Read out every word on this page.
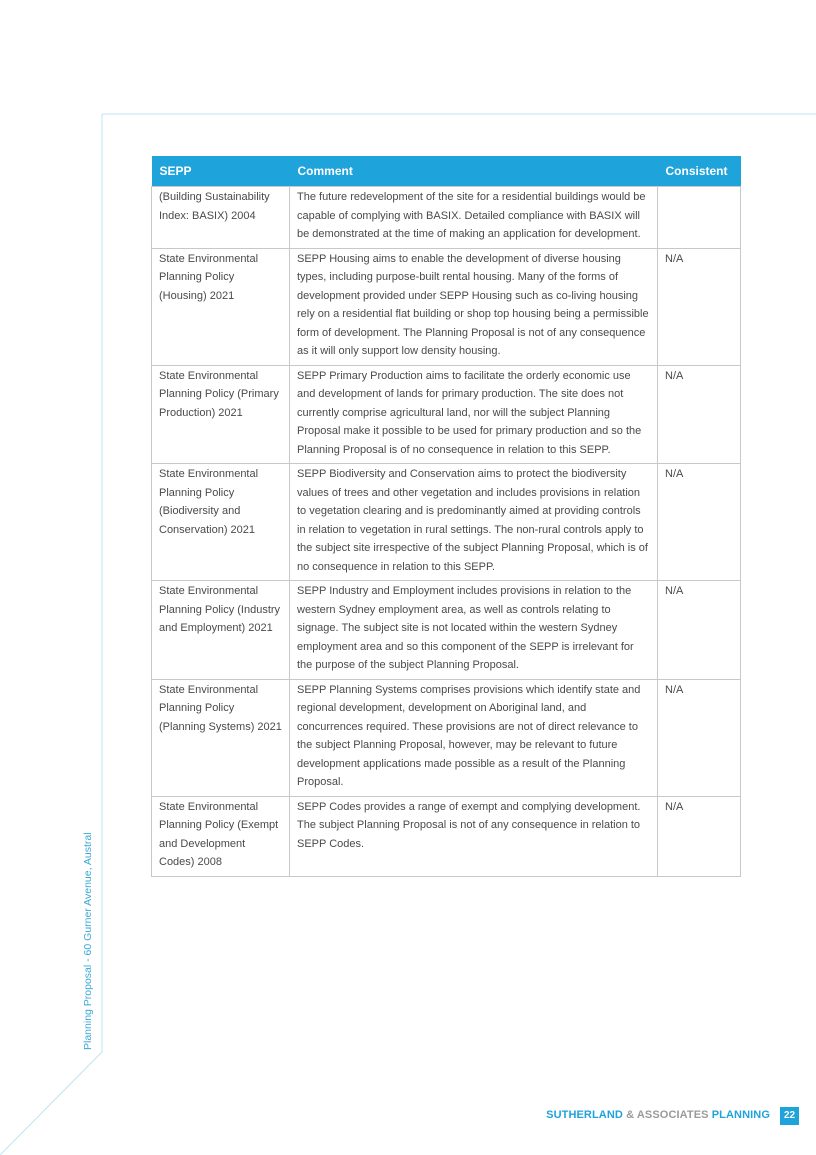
Planning Proposal - 60 Gurner Avenue, Austral
SEPP	Comment	Consistent
(Building Sustainability Index: BASIX) 2004	The future redevelopment of the site for a residential buildings would be capable of complying with BASIX. Detailed compliance with BASIX will be demonstrated at the time of making an application for development.	
State Environmental Planning Policy (Housing) 2021	SEPP Housing aims to enable the development of diverse housing types, including purpose-built rental housing. Many of the forms of development provided under SEPP Housing such as co-living housing rely on a residential flat building or shop top housing being a permissible form of development. The Planning Proposal is not of any consequence as it will only support low density housing.	N/A
State Environmental Planning Policy (Primary Production) 2021	SEPP Primary Production aims to facilitate the orderly economic use and development of lands for primary production. The site does not currently comprise agricultural land, nor will the subject Planning Proposal make it possible to be used for primary production and so the Planning Proposal is of no consequence in relation to this SEPP.	N/A
State Environmental Planning Policy (Biodiversity and Conservation) 2021	SEPP Biodiversity and Conservation aims to protect the biodiversity values of trees and other vegetation and includes provisions in relation to vegetation clearing and is predominantly aimed at providing controls in relation to vegetation in rural settings. The non-rural controls apply to the subject site irrespective of the subject Planning Proposal, which is of no consequence in relation to this SEPP.	N/A
State Environmental Planning Policy (Industry and Employment) 2021	SEPP Industry and Employment includes provisions in relation to the western Sydney employment area, as well as controls relating to signage. The subject site is not located within the western Sydney employment area and so this component of the SEPP is irrelevant for the purpose of the subject Planning Proposal.	N/A
State Environmental Planning Policy (Planning Systems) 2021	SEPP Planning Systems comprises provisions which identify state and regional development, development on Aboriginal land, and concurrences required. These provisions are not of direct relevance to the subject Planning Proposal, however, may be relevant to future development applications made possible as a result of the Planning Proposal.	N/A
State Environmental Planning Policy (Exempt and Development Codes) 2008	SEPP Codes provides a range of exempt and complying development. The subject Planning Proposal is not of any consequence in relation to SEPP Codes.	N/A
SUTHERLAND & ASSOCIATES PLANNING	22
